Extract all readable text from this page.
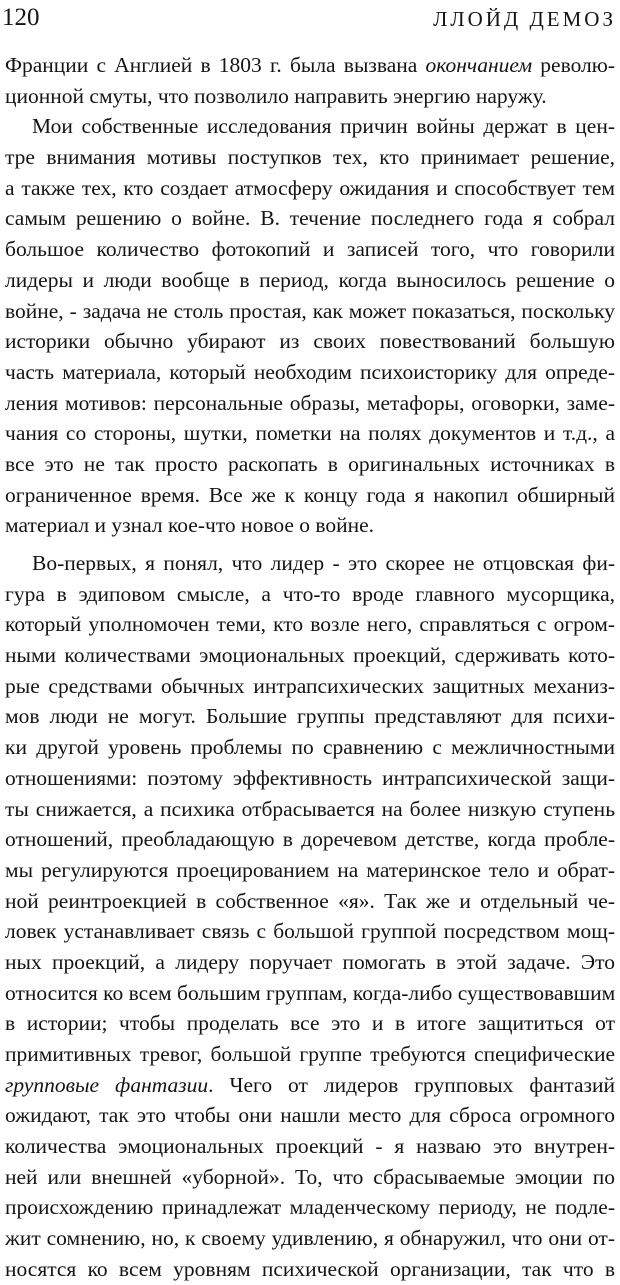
120	ЛЛОЙД ДЕМОЗ
Франции с Англией в 1803 г. была вызвана окончанием револю-
ционной смуты, что позволило направить энергию наружу.
Мои собственные исследования причин войны держат в цен-
тре внимания мотивы поступков тех, кто принимает решение,
а также тех, кто создает атмосферу ожидания и способствует тем
самым решению о войне. В. течение последнего года я собрал
большое количество фотокопий и записей того, что говорили
лидеры и люди вообще в период, когда выносилось решение о
войне, - задача не столь простая, как может показаться, поскольку
историки обычно убирают из своих повествований большую
часть материала, который необходим психоисторику для опреде-
ления мотивов: персональные образы, метафоры, оговорки, заме-
чания со стороны, шутки, пометки на полях документов и т.д., а
все это не так просто раскопать в оригинальных источниках в
ограниченное время. Все же к концу года я накопил обширный
материал и узнал кое-что новое о войне.
Во-первых, я понял, что лидер - это скорее не отцовская фи-
гура в эдиповом смысле, а что-то вроде главного мусорщика,
который уполномочен теми, кто возле него, справляться с огром-
ными количествами эмоциональных проекций, сдерживать кото-
рые средствами обычных интрапсихических защитных механиз-
мов люди не могут. Большие группы представляют для психи-
ки другой уровень проблемы по сравнению с межличностными
отношениями: поэтому эффективность интрапсихической защи-
ты снижается, а психика отбрасывается на более низкую ступень
отношений, преобладающую в доречевом детстве, когда пробле-
мы регулируются проецированием на материнское тело и обрат-
ной реинтроекцией в собственное «я». Так же и отдельный че-
ловек устанавливает связь с большой группой посредством мощ-
ных проекций, а лидеру поручает помогать в этой задаче. Это
относится ко всем большим группам, когда-либо существовавшим
в истории; чтобы проделать все это и в итоге защититься от
примитивных тревог, большой группе требуются специфические
групповые фантазии. Чего от лидеров групповых фантазий
ожидают, так это чтобы они нашли место для сброса огромного
количества эмоциональных проекций - я назваю это внутрен-
ней или внешней «уборной». То, что сбрасываемые эмоции по
происхождению принадлежат младенческому периоду, не подле-
жит сомнению, но, к своему удивлению, я обнаружил, что они от-
носятся ко всем уровням психической организации, так что в
